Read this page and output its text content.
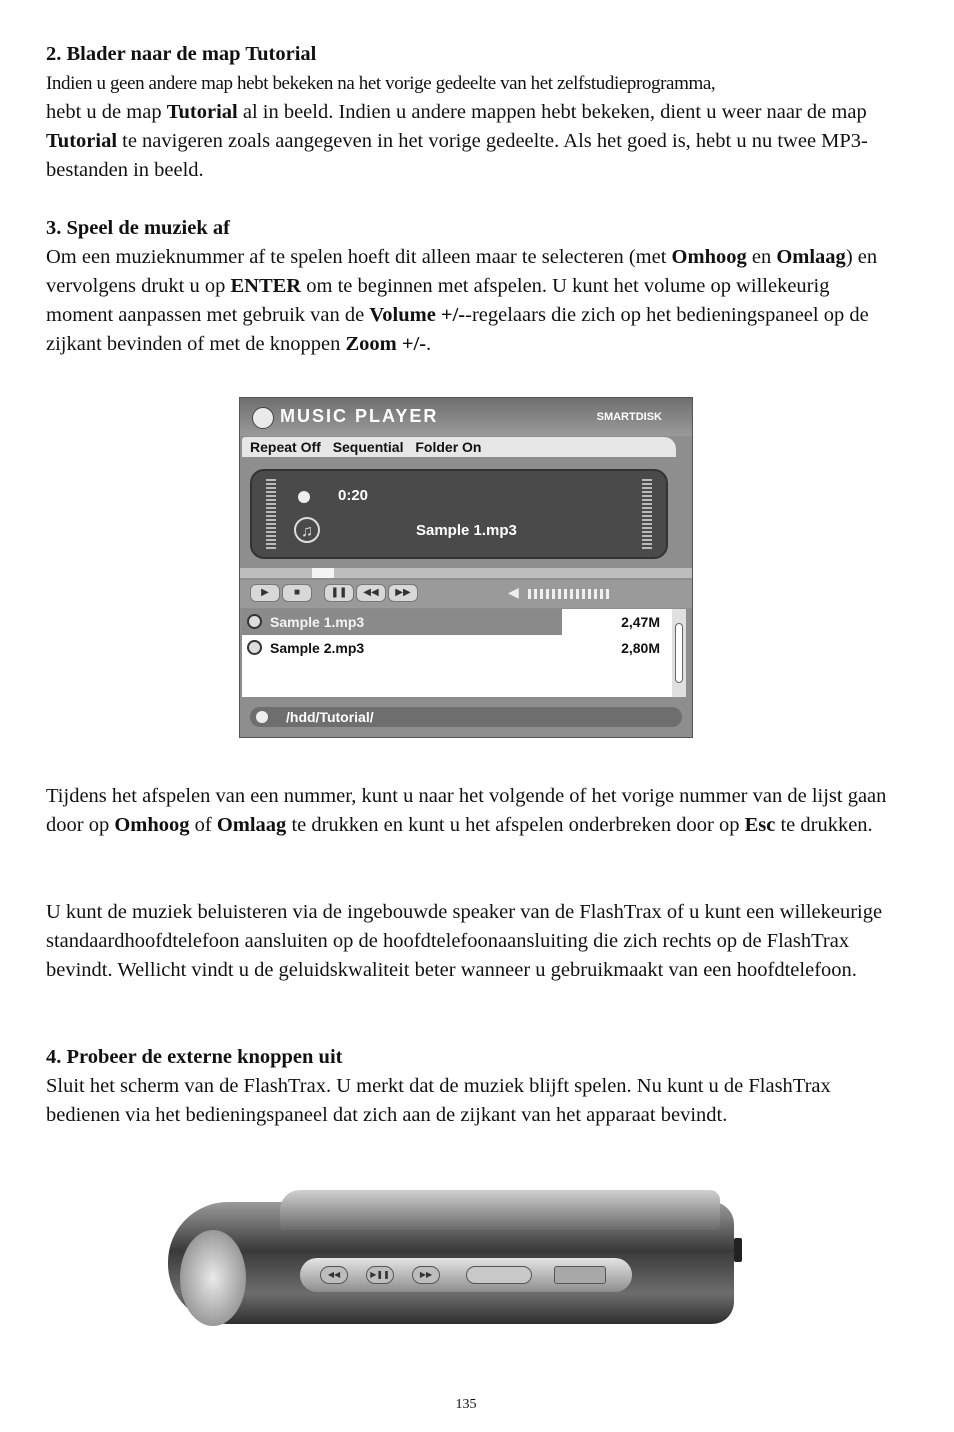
2. Blader naar de map Tutorial

Indien u geen andere map hebt bekeken na het vorige gedeelte van het zelfstudieprogramma,

hebt u de map Tutorial al in beeld. Indien u andere mappen hebt bekeken, dient u weer naar de map Tutorial te navigeren zoals aangegeven in het vorige gedeelte. Als het goed is, hebt u nu twee MP3-bestanden in beeld.

3. Speel de muziek af

Om een muzieknummer af te spelen hoeft dit alleen maar te selecteren (met Omhoog en Omlaag) en vervolgens drukt u op ENTER om te beginnen met afspelen. U kunt het volume op willekeurig moment aanpassen met gebruik van de Volume +/--regelaars die zich op het bedieningspaneel op de zijkant bevinden of met de knoppen Zoom +/-.

MUSIC PLAYER	SMARTDISK
Repeat Off Sequential Folder On
0:20
♫	Sample 1.mp3
▶	■	❚❚	◀◀	▶▶	◀
Sample 1.mp3	2,47M
Sample 2.mp3	2,80M
/hdd/Tutorial/

Tijdens het afspelen van een nummer, kunt u naar het volgende of het vorige nummer van de lijst gaan door op Omhoog of Omlaag te drukken en kunt u het afspelen onderbreken door op Esc te drukken.

U kunt de muziek beluisteren via de ingebouwde speaker van de FlashTrax of u kunt een willekeurige standaardhoofdtelefoon aansluiten op de hoofdtelefoonaansluiting die zich rechts op de FlashTrax bevindt. Wellicht vindt u de geluidskwaliteit beter wanneer u gebruikmaakt van een hoofdtelefoon.

4. Probeer de externe knoppen uit

Sluit het scherm van de FlashTrax. U merkt dat de muziek blijft spelen. Nu kunt u de FlashTrax bedienen via het bedieningspaneel dat zich aan de zijkant van het apparaat bevindt.

◀◀	▶❚❚	▶▶
135
